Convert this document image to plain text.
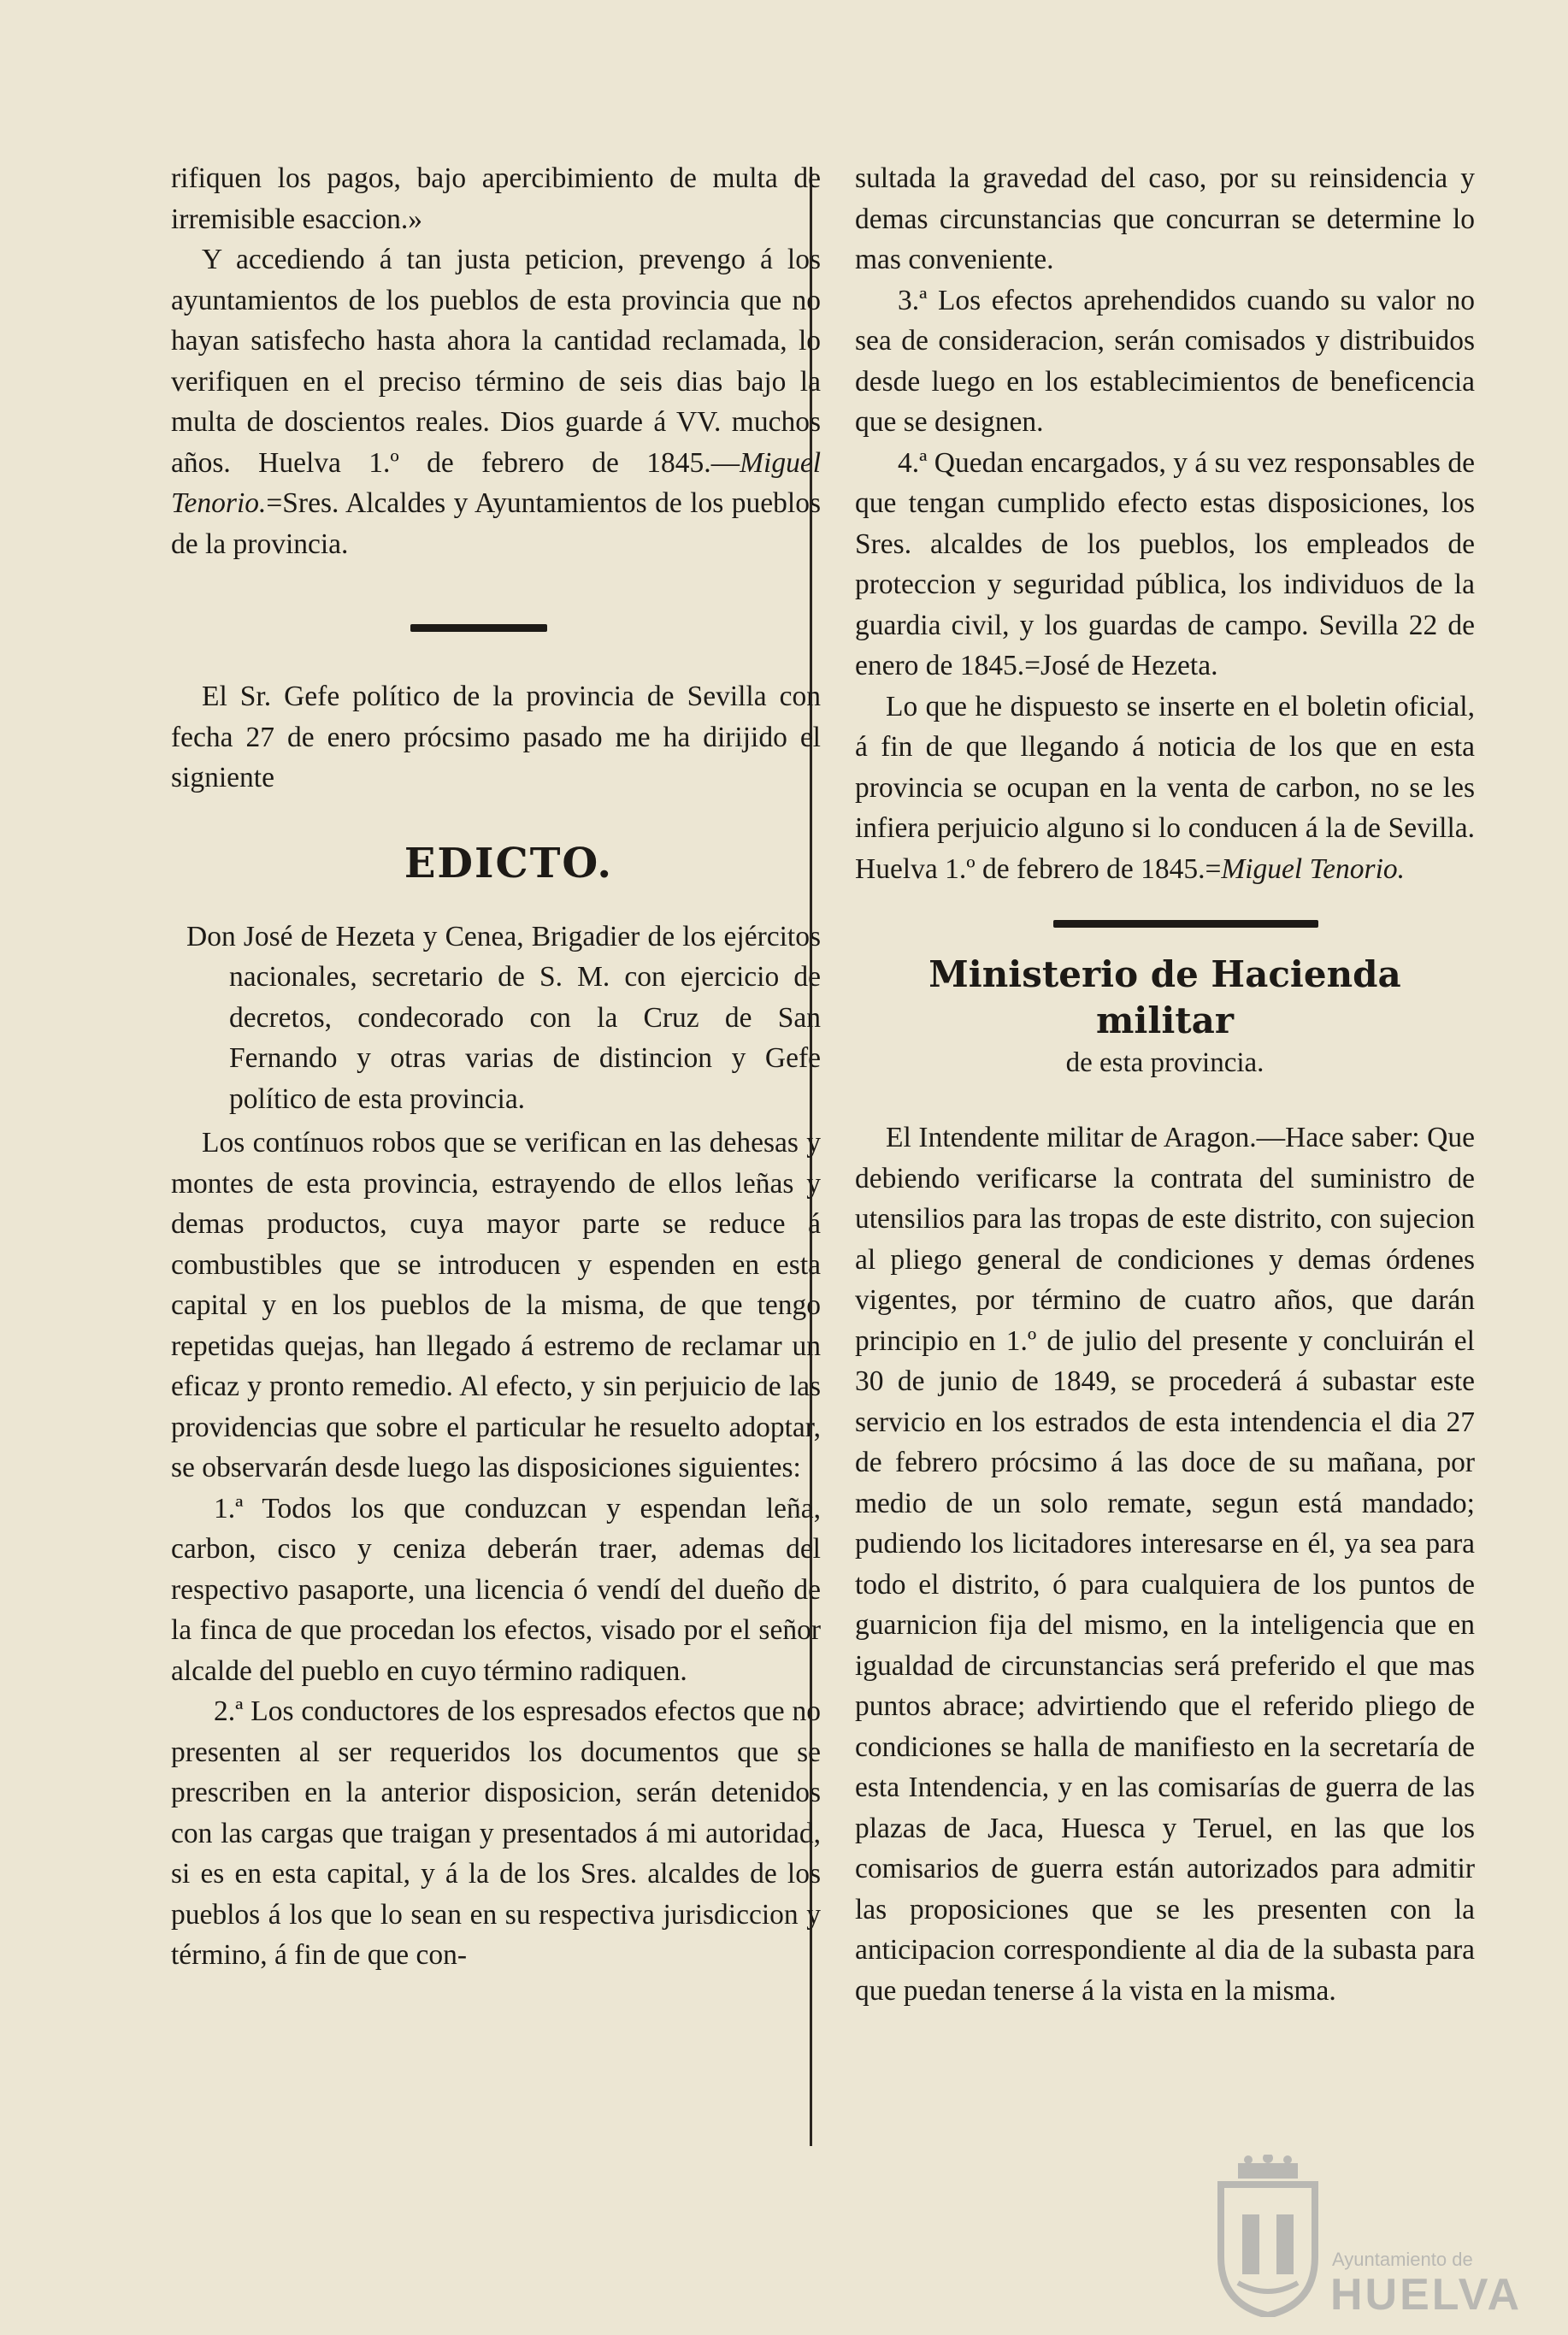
rifiquen los pagos, bajo apercibimiento de multa de irremisible esaccion.»

Y accediendo á tan justa peticion, prevengo á los ayuntamientos de los pueblos de esta provincia que no hayan satisfecho hasta ahora la cantidad reclamada, lo verifiquen en el preciso término de seis dias bajo la multa de doscientos reales. Dios guarde á VV. muchos años. Huelva 1.º de febrero de 1845.—Miguel Tenorio.=Sres. Alcaldes y Ayuntamientos de los pueblos de la provincia.

El Sr. Gefe político de la provincia de Sevilla con fecha 27 de enero prócsimo pasado me ha dirijido el signiente

EDICTO.
Don José de Hezeta y Cenea, Brigadier de los ejércitos nacionales, secretario de S. M. con ejercicio de decretos, condecorado con la Cruz de San Fernando y otras varias de distincion y Gefe político de esta provincia.

Los contínuos robos que se verifican en las dehesas y montes de esta provincia, estrayendo de ellos leñas y demas productos, cuya mayor parte se reduce á combustibles que se introducen y espenden en esta capital y en los pueblos de la misma, de que tengo repetidas quejas, han llegado á estremo de reclamar un eficaz y pronto remedio. Al efecto, y sin perjuicio de las providencias que sobre el particular he resuelto adoptar, se observarán desde luego las disposiciones siguientes:

1.ª Todos los que conduzcan y espendan leña, carbon, cisco y ceniza deberán traer, ademas del respectivo pasaporte, una licencia ó vendí del dueño de la finca de que procedan los efectos, visado por el señor alcalde del pueblo en cuyo término radiquen.

2.ª Los conductores de los espresados efectos que no presenten al ser requeridos los documentos que se prescriben en la anterior disposicion, serán detenidos con las cargas que traigan y presentados á mi autoridad, si es en esta capital, y á la de los Sres. alcaldes de los pueblos á los que lo sean en su respectiva jurisdiccion y término, á fin de que con-

sultada la gravedad del caso, por su reinsidencia y demas circunstancias que concurran se determine lo mas conveniente.

3.ª Los efectos aprehendidos cuando su valor no sea de consideracion, serán comisados y distribuidos desde luego en los establecimientos de beneficencia que se designen.

4.ª Quedan encargados, y á su vez responsables de que tengan cumplido efecto estas disposiciones, los Sres. alcaldes de los pueblos, los empleados de proteccion y seguridad pública, los individuos de la guardia civil, y los guardas de campo. Sevilla 22 de enero de 1845.=José de Hezeta.

Lo que he dispuesto se inserte en el boletin oficial, á fin de que llegando á noticia de los que en esta provincia se ocupan en la venta de carbon, no se les infiera perjuicio alguno si lo conducen á la de Sevilla. Huelva 1.º de febrero de 1845.=Miguel Tenorio.

Ministerio de Hacienda militar
de esta provincia.

El Intendente militar de Aragon.—Hace saber: Que debiendo verificarse la contrata del suministro de utensilios para las tropas de este distrito, con sujecion al pliego general de condiciones y demas órdenes vigentes, por término de cuatro años, que darán principio en 1.º de julio del presente y concluirán el 30 de junio de 1849, se procederá á subastar este servicio en los estrados de esta intendencia el dia 27 de febrero prócsimo á las doce de su mañana, por medio de un solo remate, segun está mandado; pudiendo los licitadores interesarse en él, ya sea para todo el distrito, ó para cualquiera de los puntos de guarnicion fija del mismo, en la inteligencia que en igualdad de circunstancias será preferido el que mas puntos abrace; advirtiendo que el referido pliego de condiciones se halla de manifiesto en la secretaría de esta Intendencia, y en las comisarías de guerra de las plazas de Jaca, Huesca y Teruel, en las que los comisarios de guerra están autorizados para admitir las proposiciones que se les presenten con la anticipacion correspondiente al dia de la subasta para que puedan tenerse á la vista en la misma.

Ayuntamiento de
HUELVA
